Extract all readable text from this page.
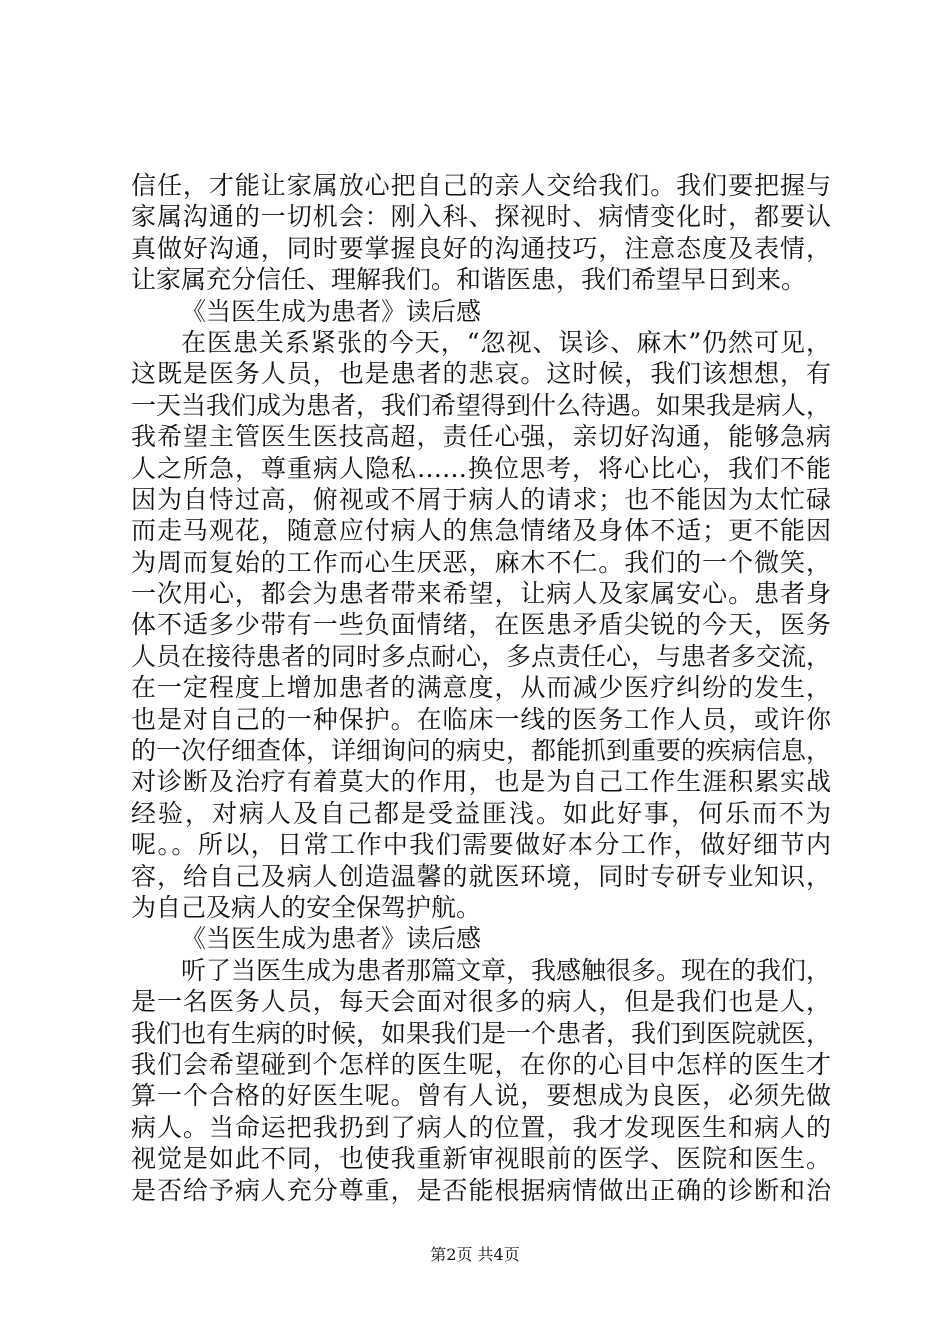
信任，才能让家属放心把自己的亲人交给我们。我们要把握与
家属沟通的一切机会：刚入科、探视时、病情变化时，都要认
真做好沟通，同时要掌握良好的沟通技巧，注意态度及表情，
让家属充分信任、理解我们。和谐医患，我们希望早日到来。
《当医生成为患者》读后感
在医患关系紧张的今天，“忽视、误诊、麻木”仍然可见，
这既是医务人员，也是患者的悲哀。这时候，我们该想想，有
一天当我们成为患者，我们希望得到什么待遇。如果我是病人，
我希望主管医生医技高超，责任心强，亲切好沟通，能够急病
人之所急，尊重病人隐私……换位思考，将心比心，我们不能
因为自恃过高，俯视或不屑于病人的请求；也不能因为太忙碌
而走马观花，随意应付病人的焦急情绪及身体不适；更不能因
为周而复始的工作而心生厌恶，麻木不仁。我们的一个微笑，
一次用心，都会为患者带来希望，让病人及家属安心。患者身
体不适多少带有一些负面情绪，在医患矛盾尖锐的今天，医务
人员在接待患者的同时多点耐心，多点责任心，与患者多交流，
在一定程度上增加患者的满意度，从而减少医疗纠纷的发生，
也是对自己的一种保护。在临床一线的医务工作人员，或许你
的一次仔细查体，详细询问的病史，都能抓到重要的疾病信息，
对诊断及治疗有着莫大的作用，也是为自己工作生涯积累实战
经验，对病人及自己都是受益匪浅。如此好事，何乐而不为
呢。。所以，日常工作中我们需要做好本分工作，做好细节内
容，给自己及病人创造温馨的就医环境，同时专研专业知识，
为自己及病人的安全保驾护航。
《当医生成为患者》读后感
听了当医生成为患者那篇文章，我感触很多。现在的我们，
是一名医务人员，每天会面对很多的病人，但是我们也是人，
我们也有生病的时候，如果我们是一个患者，我们到医院就医，
我们会希望碰到个怎样的医生呢，在你的心目中怎样的医生才
算一个合格的好医生呢。曾有人说，要想成为良医，必须先做
病人。当命运把我扔到了病人的位置，我才发现医生和病人的
视觉是如此不同，也使我重新审视眼前的医学、医院和医生。
是否给予病人充分尊重，是否能根据病情做出正确的诊断和治
第2页 共4页
